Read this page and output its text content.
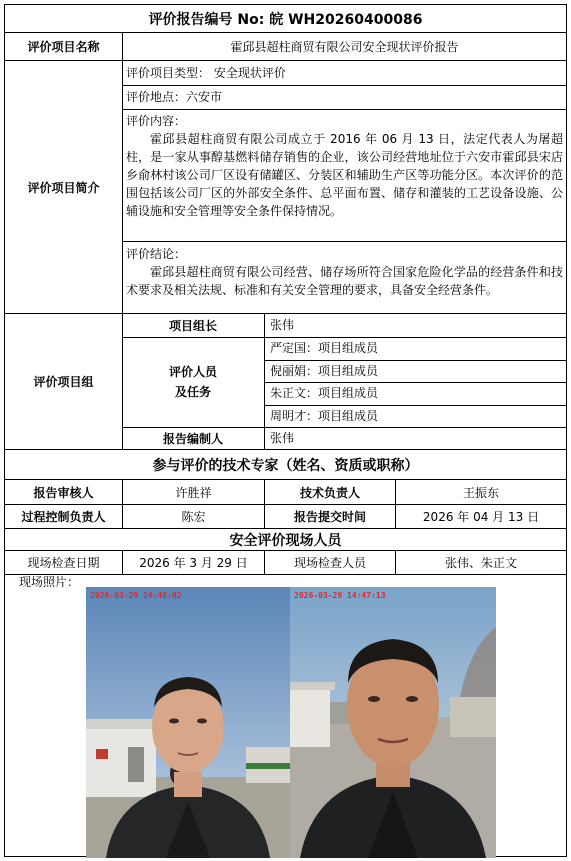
评价报告编号 No: 皖 WH20260400086
评价项目名称	霍邱县超柱商贸有限公司安全现状评价报告
评价项目简介
评价项目类型： 安全现状评价
评价地点：六安市
评价内容：
霍邱县超柱商贸有限公司成立于 2016 年 06 月 13 日，法定代表人为屠超柱，是一家从事醇基燃料储存销售的企业，该公司经营地址位于六安市霍邱县宋店乡俞林村该公司厂区设有储罐区、分装区和辅助生产区等功能分区。本次评价的范围包括该公司厂区的外部安全条件、总平面布置、储存和灌装的工艺设备设施、公辅设施和安全管理等安全条件保持情况。
评价结论：
霍邱县超柱商贸有限公司经营、储存场所符合国家危险化学品的经营条件和技术要求及相关法规、标准和有关安全管理的要求，具备安全经营条件。
评价项目组
项目组长	张伟
评价人员
及任务
严定国：项目组成员
倪丽娟：项目组成员
朱正文：项目组成员
周明才：项目组成员
报告编制人	张伟
参与评价的技术专家（姓名、资质或职称）
报告审核人	许胜祥	技术负责人	王振东
过程控制负责人	陈宏	报告提交时间	2026 年 04 月 13 日
安全评价现场人员
现场检查日期	2026 年 3 月 29 日	现场检查人员	张伟、朱正文
现场照片：
2026-03-29 14:48:02	2026-03-29 14:47:13
